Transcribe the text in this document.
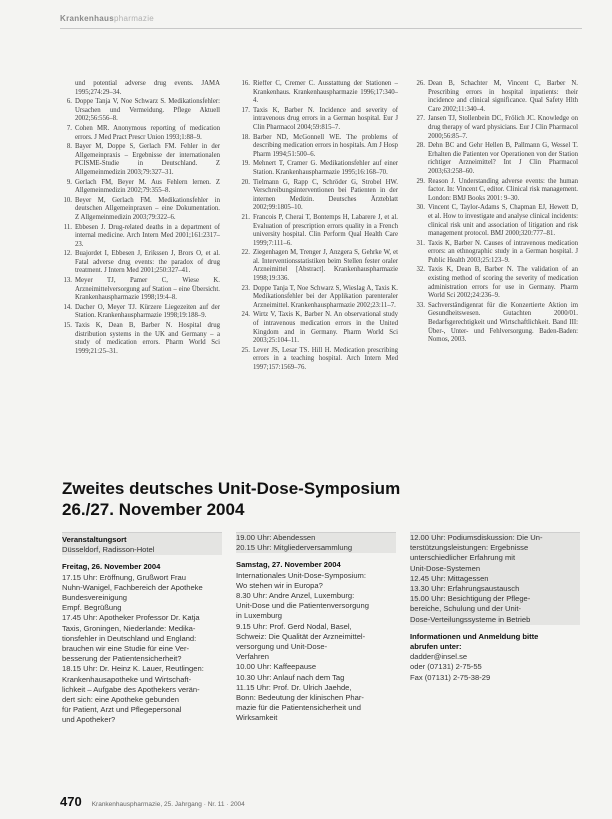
Krankenhauspharmazie
und potential adverse drug events. JAMA 1995;274:29–34.
6. Doppe Tanja V, Noe Schwarz S. Medikationsfehler: Ursachen und Vermeidung. Pflege Aktuell 2002;56:556–8.
7. Cohen MR. Anonymous reporting of medication errors. J Med Pract Prescr Union 1993;1:88–9.
8. Bayer M, Doppe S, Gerlach FM. Fehler in der Allgemeinpraxis – Ergebnisse der internationalen PCISME-Studie in Deutschland. Z Allgemeinmedizin 2003;79:327–31.
9. Gerlach FM, Beyer M. Aus Fehlern lernen. Z Allgemeinmedizin 2002;79:355–8.
10. Beyer M, Gerlach FM. Medikationsfehler in deutschen Allgemeinpraxen – eine Dokumentation. Z Allgemeinmedizin 2003;79:322–6.
11. Ebbesen J. Drug-related deaths in a department of internal medicine. Arch Intern Med 2001;161:2317–23.
12. Buajordet I, Ebbesen J, Erikssen J, Brors O, et al. Fatal adverse drug events: the paradox of drug treatment. J Intern Med 2001;250:327–41.
13. Meyer TJ, Pamer C, Wiese K. Arzneimittelversorgung auf Station – eine Übersicht. Krankenhauspharmazie 1998;19:4–8.
14. Dacher O, Meyer TJ. Kürzere Liegezeiten auf der Station. Krankenhauspharmazie 1998;19:188–9.
15. Taxis K, Dean B, Barber N. Hospital drug distribution systems in the UK and Germany – a study of medication errors. Pharm World Sci 1999;21:25–31.
16. Rieffer C, Cremer C. Ausstattung der Stationen – Krankenhaus. Krankenhauspharmazie 1996;17:340–4.
17. Taxis K, Barber N. Incidence and severity of intravenous drug errors in a German hospital. Eur J Clin Pharmacol 2004;59:815–7.
18. Barber ND, McGonnell WE. The problems of describing medication errors in hospitals. Am J Hosp Pharm 1994;51:500–6.
19. Mehnert T, Cramer G. Medikationsfehler auf einer Station. Krankenhauspharmazie 1995;16:168–70.
20. Tielmann G, Rapp C, Schröder G, Strobel HW. Verschreibungsinterventionen bei Patienten in der internen Medizin. Deutsches Ärzteblatt 2002;99:1805–10.
21. Francois P, Cherai T, Bontemps H, Labarere J, et al. Evaluation of prescription errors quality in a French university hospital. Clin Perform Qual Health Care 1999;7:111–6.
22. Ziegenhagen M, Trenger J, Anzgera S, Gehrke W, et al. Interventionsstatistiken beim Stellen fester oraler Arzneimittel [Abstract]. Krankenhauspharmazie 1998;19:336.
23. Doppe Tanja T, Noe Schwarz S, Wieslag A, Taxis K. Medikationsfehler bei der Applikation parenteraler Arzneimittel. Krankenhauspharmazie 2002;23:11–7.
24. Wirtz V, Taxis K, Barber N. An observational study of intravenous medication errors in the United Kingdom and in Germany. Pharm World Sci 2003;25:104–11.
25. Lever JS, Lesar TS. Hill H. Medication prescribing errors in a teaching hospital. Arch Intern Med 1997;157:1569–76.
26. Dean B, Schachter M, Vincent C, Barber N. Prescribing errors in hospital inpatients: their incidence and clinical significance. Qual Safety Hlth Care 2002;11:340–4.
27. Jansen TJ, Stollenbein DC, Frölich JC. Knowledge on drug therapy of ward physicians. Eur J Clin Pharmacol 2000;56:85–7.
28. Dehn BC and Gehr Hellen B, Pallmann G, Wessel T. Erhalten die Patienten vor Operationen von der Station richtiger Arzneimittel? Int J Clin Pharmacol 2003;63:258–60.
29. Reason J. Understanding adverse events: the human factor. In: Vincent C, editor. Clinical risk management. London: BMJ Books 2001: 9–30.
30. Vincent C, Taylor-Adams S, Chapman EJ, Hewett D, et al. How to investigate and analyse clinical incidents: clinical risk unit and association of litigation and risk management protocol. BMJ 2000;320:777–81.
31. Taxis K, Barber N. Causes of intravenous medication errors: an ethnographic study in a German hospital. J Public Health 2003;25:123–9.
32. Taxis K, Dean B, Barber N. The validation of an existing method of scoring the severity of medication administration errors for use in Germany. Pharm World Sci 2002;24:236–9.
33. Sachverständigenrat für die Konzertierte Aktion im Gesundheitswesen. Gutachten 2000/01. Bedarfsgerechtigkeit und Wirtschaftlichkeit. Band III: Über-, Unter- und Fehlversorgung. Baden-Baden: Nomos, 2003.
Zweites deutsches Unit-Dose-Symposium
26./27. November 2004
Veranstaltungsort
Düsseldorf, Radisson-Hotel
Freitag, 26. November 2004
17.15 Uhr: Eröffnung, Grußwort Frau
Nuhn-Wanigel, Fachbereich der Apotheke
Bundesvereinigung
Empf. Begrüßung
17.45 Uhr: Apotheker Professor Dr. Katja
Taxis, Groningen, Niederlande: Medika-
tionsfehler in Deutschland und England:
brauchen wir eine Studie für eine Ver-
besserung der Patientensicherheit?
18.15 Uhr: Dr. Heinz K. Lauer, Reutlingen:
Krankenhausapotheke und Wirtschaft-
lichkeit – Aufgabe des Apothekers verän-
dert sich: eine Apotheke gebunden
für Patient, Arzt und Pflegepersonal
und Apotheker?
19.00 Uhr: Abendessen
20.15 Uhr: Mitgliederversammlung
Samstag, 27. November 2004
Internationales Unit-Dose-Symposium:
Wo stehen wir in Europa?
8.30 Uhr: Andre Anzel, Luxemburg:
Unit-Dose und die Patientenversorgung
in Luxemburg
9.15 Uhr: Prof. Gerd Nodal, Basel,
Schweiz: Die Qualität der Arzneimittel-
versorgung und Unit-Dose-
Verfahren
10.00 Uhr: Kaffeepause
10.30 Uhr: Anlauf nach dem Tag
11.15 Uhr: Prof. Dr. Ulrich Jaehde,
Bonn: Bedeutung der klinischen Phar-
mazie für die Patientensicherheit und
Wirksamkeit
12.00 Uhr: Podiumsdiskussion: Die Un-
terstützungsleistungen: Ergebnisse
unterschiedlicher Erfahrung mit
Unit-Dose-Systemen
12.45 Uhr: Mittagessen
13.30 Uhr: Erfahrungsaustausch
15.00 Uhr: Besichtigung der Pflege-
bereiche, Schulung und der Unit-
Dose-Verteilungssysteme in Betrieb
Informationen und Anmeldung bitte
abrufen unter:
dadder@insel.se
oder (07131) 2-75-55
Fax (07131) 2-75-38-29
470 Krankenhauspharmazie, 25. Jahrgang · Nr. 11 · 2004
